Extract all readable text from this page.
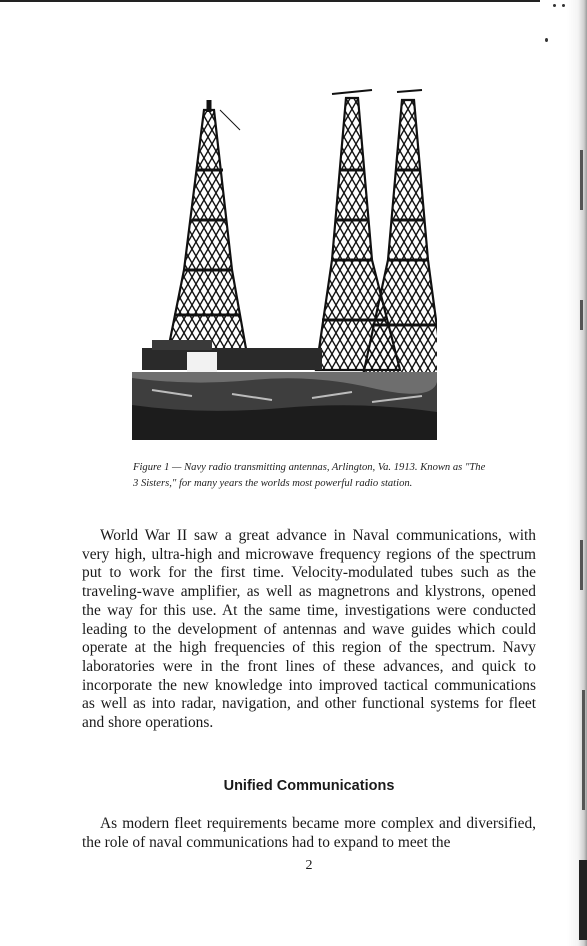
Figure 1 — Navy radio transmitting antennas, Arlington, Va. 1913. Known as "The 3 Sisters," for many years the worlds most powerful radio station.

World War II saw a great advance in Naval communications, with very high, ultra-high and microwave frequency regions of the spectrum put to work for the first time. Velocity-modulated tubes such as the traveling-wave amplifier, as well as magnetrons and klystrons, opened the way for this use. At the same time, investigations were conducted leading to the development of antennas and wave guides which could operate at the high frequencies of this region of the spectrum. Navy laboratories were in the front lines of these advances, and quick to incorporate the new knowledge into improved tactical communications as well as into radar, navigation, and other functional systems for fleet and shore operations.

Unified Communications

As modern fleet requirements became more complex and diversified, the role of naval communications had to expand to meet the

2
